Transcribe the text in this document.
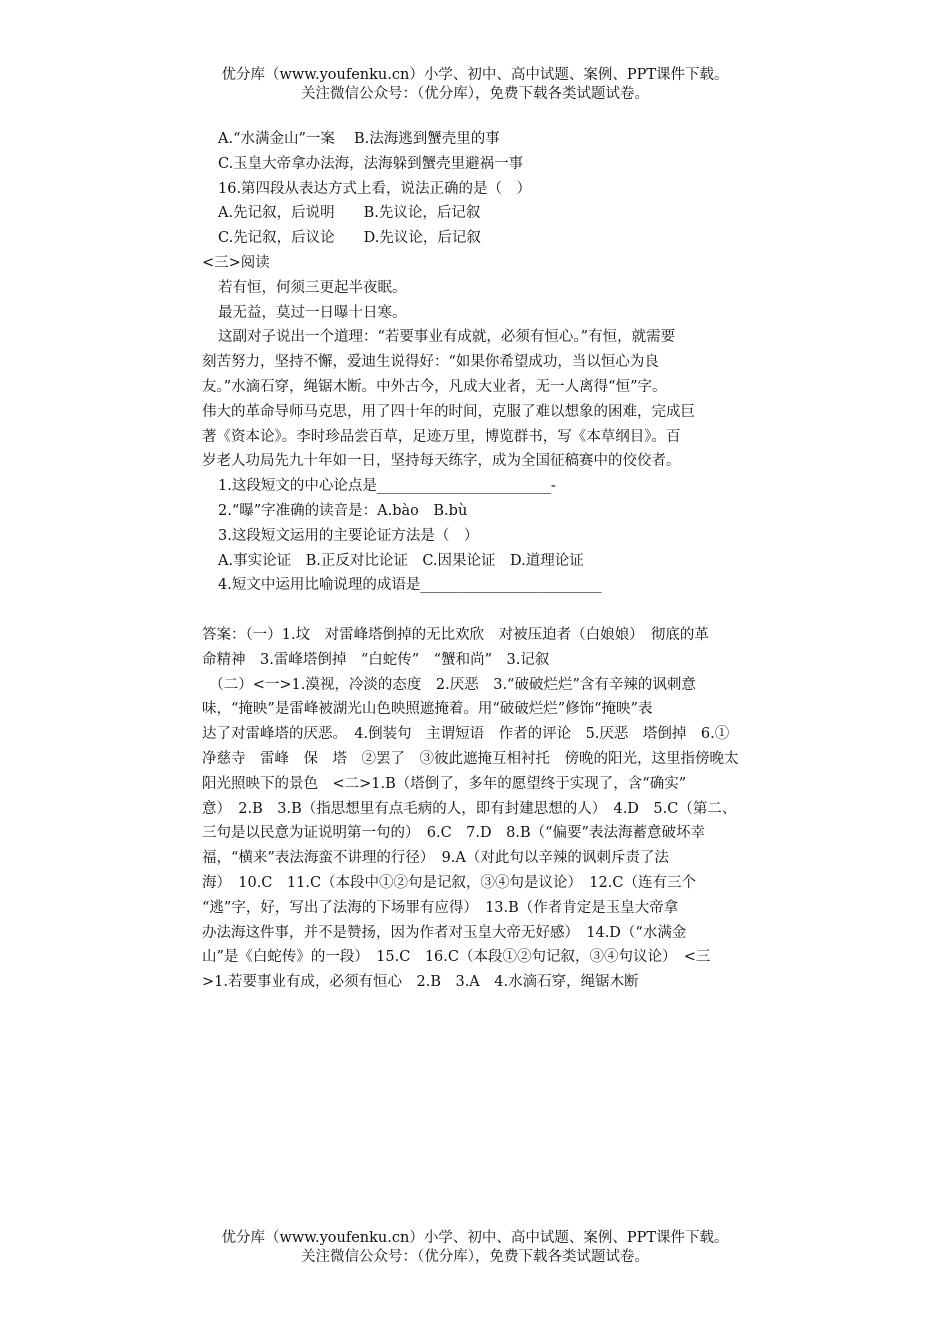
优分库（www.youfenku.cn）小学、初中、高中试题、案例、PPT课件下载。
关注微信公众号：（优分库），免费下载各类试题试卷。

A.“水满金山”一案　 B.法海逃到蟹壳里的事

C.玉皇大帝拿办法海，法海躲到蟹壳里避祸一事

16.第四段从表达方式上看，说法正确的是（　）

A.先记叙，后说明　　B.先议论，后记叙

C.先记叙，后议论　　D.先议论，后记叙

<三>阅读

若有恒，何须三更起半夜眠。

最无益，莫过一日曝十日寒。

这副对子说出一个道理：“若要事业有成就，必须有恒心。”有恒，就需要

刻苦努力，坚持不懈，爱迪生说得好：“如果你希望成功，当以恒心为良

友。”水滴石穿，绳锯木断。中外古今，凡成大业者，无一人离得“恒”字。

伟大的革命导师马克思，用了四十年的时间，克服了难以想象的困难，完成巨

著《资本论》。李时珍品尝百草，足迹万里，博览群书，写《本草纲目》。百

岁老人功局先九十年如一日，坚持每天练字，成为全国征稿赛中的佼佼者。

1.这段短文的中心论点是________________________-

2.“曝”字准确的读音是：A.bào　B.bù

3.这段短文运用的主要论证方法是（　）

A.事实论证　B.正反对比论证　C.因果论证　D.道理论证

4.短文中运用比喻说理的成语是_________________________

答案：（一）1.坟　对雷峰塔倒掉的无比欢欣　对被压迫者（白娘娘）　彻底的革

命精神　3.雷峰塔倒掉　“白蛇传”　“蟹和尚”　3.记叙

　（二）<一>1.漠视，冷淡的态度　2.厌恶　3.“破破烂烂”含有辛辣的讽刺意

味，“掩映”是雷峰被湖光山色映照遮掩着。用“破破烂烂”修饰“掩映”表

达了对雷峰塔的厌恶。　4.倒装句　主谓短语　作者的评论　5.厌恶　塔倒掉　6.①

净慈寺　雷峰　保　塔　②罢了　③彼此遮掩互相衬托　傍晚的阳光，这里指傍晚太

阳光照映下的景色　<二>1.B（塔倒了，多年的愿望终于实现了，含“确实”

意）　2.B　3.B（指思想里有点毛病的人，即有封建思想的人）　4.D　5.C（第二、

三句是以民意为证说明第一句的）　6.C　7.D　8.B（“偏要”表法海蓄意破坏幸

福，“横来”表法海蛮不讲理的行径）　9.A（对此句以辛辣的讽刺斥责了法

海）　10.C　11.C（本段中①②句是记叙，③④句是议论）　12.C（连有三个

“逃”字，好，写出了法海的下场罪有应得）　13.B（作者肯定是玉皇大帝拿

办法海这件事，并不是赞扬，因为作者对玉皇大帝无好感）　14.D（“水满金

山”是《白蛇传》的一段）　15.C　16.C（本段①②句记叙，③④句议论）　<三

>1.若要事业有成，必须有恒心　2.B　3.A　4.水滴石穿，绳锯木断

优分库（www.youfenku.cn）小学、初中、高中试题、案例、PPT课件下载。
关注微信公众号：（优分库），免费下载各类试题试卷。
